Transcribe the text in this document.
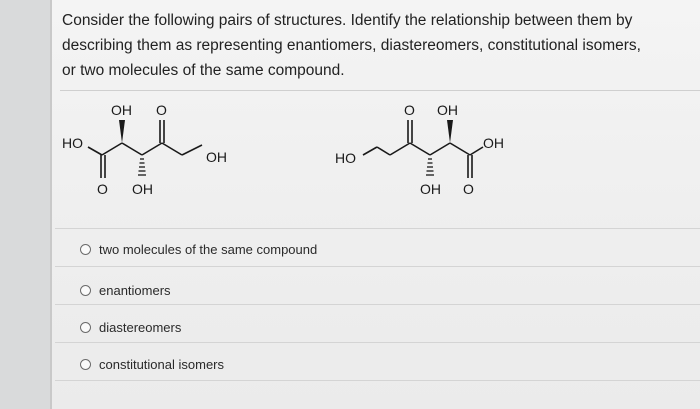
Consider the following pairs of structures. Identify the relationship between them by
describing them as representing enantiomers, diastereomers, constitutional isomers,
or two molecules of the same compound.
HO
OH O
OH
O OH
HO
O OH
OH
OH O
two molecules of the same compound
enantiomers
diastereomers
constitutional isomers
